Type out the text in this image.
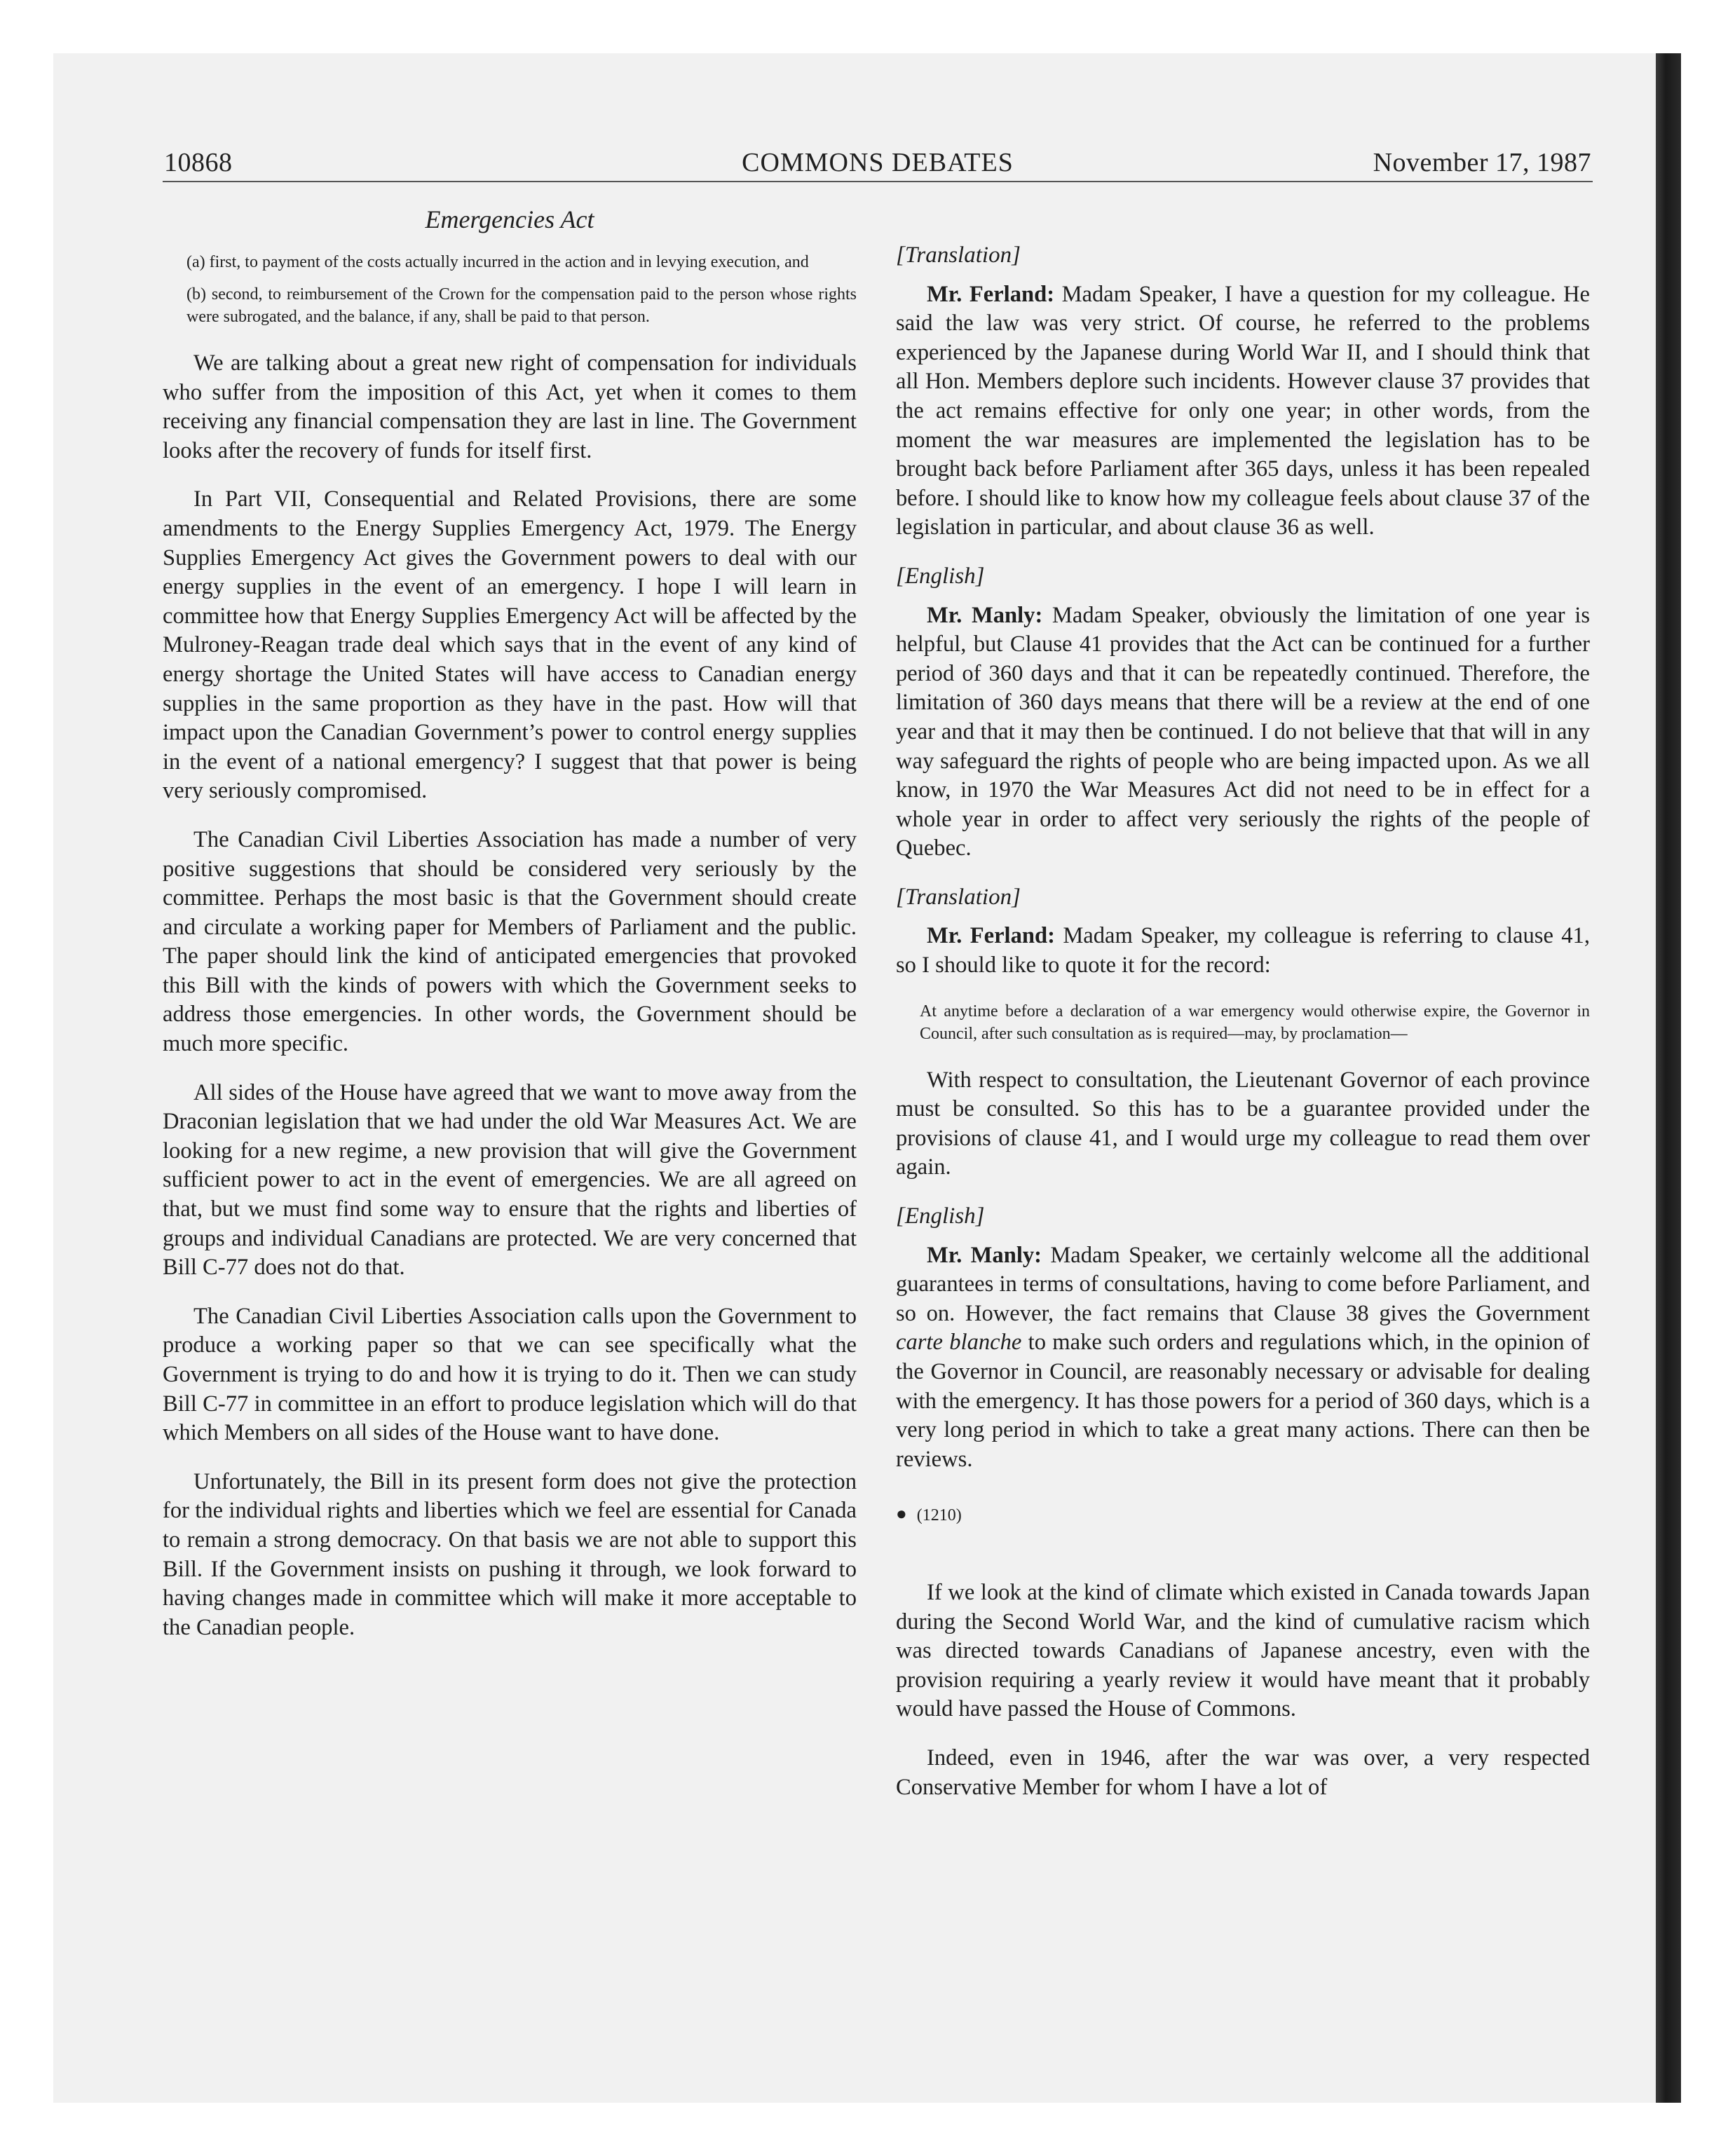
COMMONS DEBATES
10868	November 17, 1987
Emergencies Act

(a) first, to payment of the costs actually incurred in the action and in levying execution, and

(b) second, to reimbursement of the Crown for the compensation paid to the person whose rights were subrogated, and the balance, if any, shall be paid to that person.

We are talking about a great new right of compensation for individuals who suffer from the imposition of this Act, yet when it comes to them receiving any financial compensation they are last in line. The Government looks after the recovery of funds for itself first.

In Part VII, Consequential and Related Provisions, there are some amendments to the Energy Supplies Emergency Act, 1979. The Energy Supplies Emergency Act gives the Government powers to deal with our energy supplies in the event of an emergency. I hope I will learn in committee how that Energy Supplies Emergency Act will be affected by the Mulroney-Reagan trade deal which says that in the event of any kind of energy shortage the United States will have access to Canadian energy supplies in the same proportion as they have in the past. How will that impact upon the Canadian Government’s power to control energy supplies in the event of a national emergency? I suggest that that power is being very seriously compromised.

The Canadian Civil Liberties Association has made a number of very positive suggestions that should be considered very seriously by the committee. Perhaps the most basic is that the Government should create and circulate a working paper for Members of Parliament and the public. The paper should link the kind of anticipated emergencies that provoked this Bill with the kinds of powers with which the Government seeks to address those emergencies. In other words, the Government should be much more specific.

All sides of the House have agreed that we want to move away from the Draconian legislation that we had under the old War Measures Act. We are looking for a new regime, a new provision that will give the Government sufficient power to act in the event of emergencies. We are all agreed on that, but we must find some way to ensure that the rights and liberties of groups and individual Canadians are protected. We are very concerned that Bill C-77 does not do that.

The Canadian Civil Liberties Association calls upon the Government to produce a working paper so that we can see specifically what the Government is trying to do and how it is trying to do it. Then we can study Bill C-77 in committee in an effort to produce legislation which will do that which Members on all sides of the House want to have done.

Unfortunately, the Bill in its present form does not give the protection for the individual rights and liberties which we feel are essential for Canada to remain a strong democracy. On that basis we are not able to support this Bill. If the Government insists on pushing it through, we look forward to having changes made in committee which will make it more acceptable to the Canadian people.

[Translation]

Mr. Ferland: Madam Speaker, I have a question for my colleague. He said the law was very strict. Of course, he referred to the problems experienced by the Japanese during World War II, and I should think that all Hon. Members deplore such incidents. However clause 37 provides that the act remains effective for only one year; in other words, from the moment the war measures are implemented the legislation has to be brought back before Parliament after 365 days, unless it has been repealed before. I should like to know how my colleague feels about clause 37 of the legislation in particular, and about clause 36 as well.

[English]

Mr. Manly: Madam Speaker, obviously the limitation of one year is helpful, but Clause 41 provides that the Act can be continued for a further period of 360 days and that it can be repeatedly continued. Therefore, the limitation of 360 days means that there will be a review at the end of one year and that it may then be continued. I do not believe that that will in any way safeguard the rights of people who are being impacted upon. As we all know, in 1970 the War Measures Act did not need to be in effect for a whole year in order to affect very seriously the rights of the people of Quebec.

[Translation]

Mr. Ferland: Madam Speaker, my colleague is referring to clause 41, so I should like to quote it for the record:

At anytime before a declaration of a war emergency would otherwise expire, the Governor in Council, after such consultation as is required—may, by proclamation—

With respect to consultation, the Lieutenant Governor of each province must be consulted. So this has to be a guarantee provided under the provisions of clause 41, and I would urge my colleague to read them over again.

[English]

Mr. Manly: Madam Speaker, we certainly welcome all the additional guarantees in terms of consultations, having to come before Parliament, and so on. However, the fact remains that Clause 38 gives the Government carte blanche to make such orders and regulations which, in the opinion of the Governor in Council, are reasonably necessary or advisable for dealing with the emergency. It has those powers for a period of 360 days, which is a very long period in which to take a great many actions. There can then be reviews.

● (1210)

If we look at the kind of climate which existed in Canada towards Japan during the Second World War, and the kind of cumulative racism which was directed towards Canadians of Japanese ancestry, even with the provision requiring a yearly review it would have meant that it probably would have passed the House of Commons.

Indeed, even in 1946, after the war was over, a very respected Conservative Member for whom I have a lot of
